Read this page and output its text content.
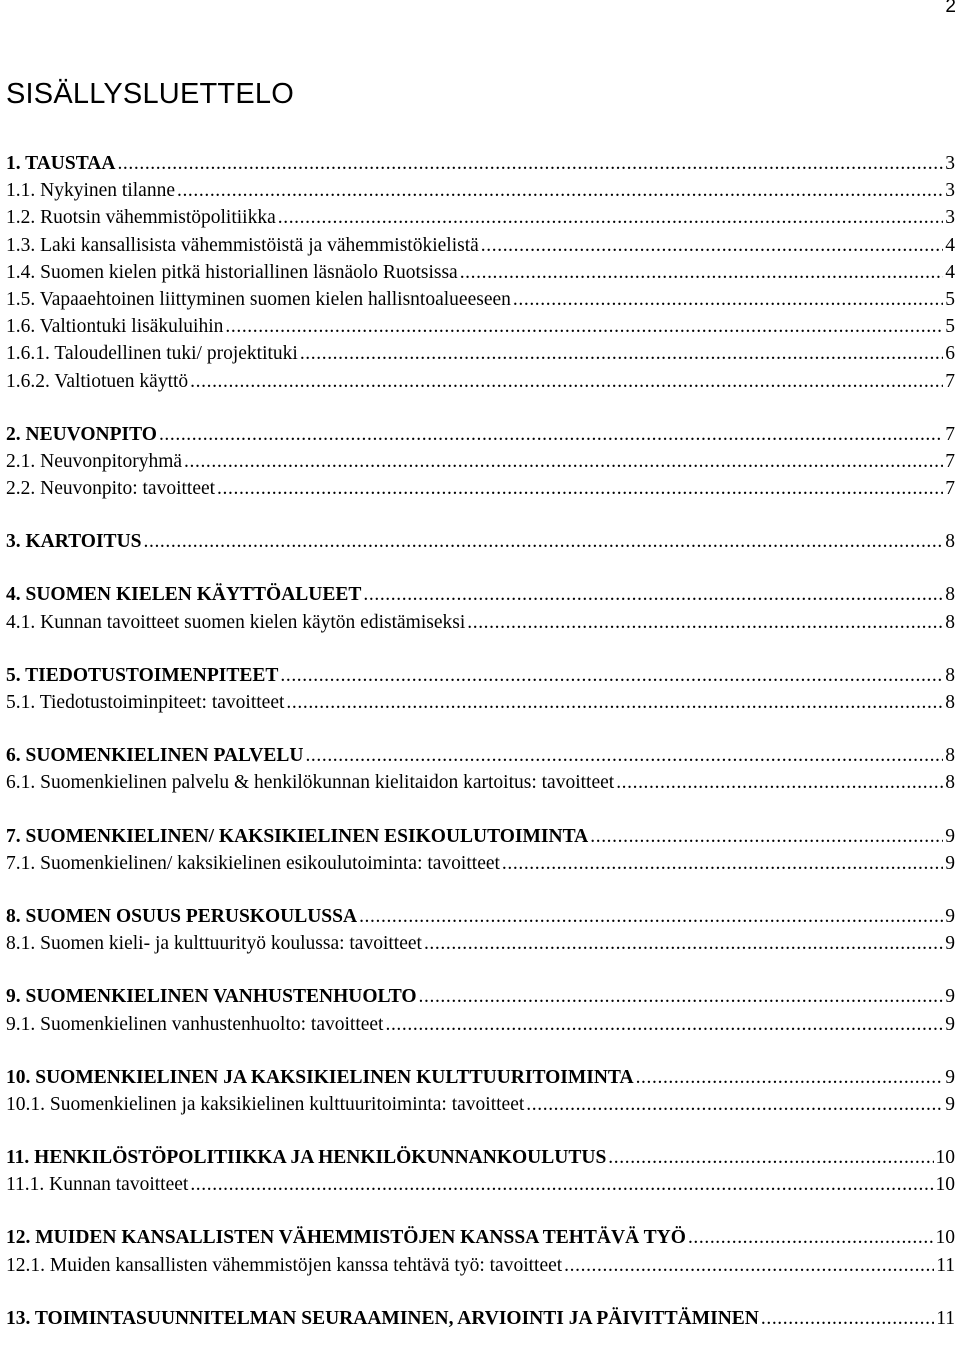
2
SISÄLLYSLUETTELO
1. TAUSTAA .....	3
1.1. Nykyinen tilanne .....	3
1.2. Ruotsin vähemmistöpolitiikka .....	3
1.3. Laki kansallisista vähemmistöistä ja vähemmistökielistä .....	4
1.4. Suomen kielen pitkä historiallinen läsnäolo Ruotsissa .....	4
1.5. Vapaaehtoinen liittyminen suomen kielen hallisntoalueeseen .....	5
1.6. Valtiontuki lisäkuluihin .....	5
1.6.1. Taloudellinen tuki/ projektituki .....	6
1.6.2. Valtiotuen käyttö .....	7
2. NEUVONPITO .....	7
2.1. Neuvonpitoryhmä .....	7
2.2. Neuvonpito: tavoitteet .....	7
3. KARTOITUS .....	8
4. SUOMEN KIELEN KÄYTTÖALUEET .....	8
4.1. Kunnan tavoitteet suomen kielen käytön edistämiseksi .....	8
5. TIEDOTUSTOIMENPITEET .....	8
5.1. Tiedotustoiminpiteet: tavoitteet .....	8
6. SUOMENKIELINEN PALVELU .....	8
6.1. Suomenkielinen palvelu & henkilökunnan kielitaidon kartoitus: tavoitteet .....	8
7. SUOMENKIELINEN/ KAKSIKIELINEN ESIKOULUTOIMINTA .....	9
7.1. Suomenkielinen/ kaksikielinen esikoulutoiminta: tavoitteet .....	9
8. SUOMEN OSUUS PERUSKOULUSSA .....	9
8.1. Suomen kieli- ja kulttuurityö koulussa: tavoitteet .....	9
9. SUOMENKIELINEN VANHUSTENHUOLTO .....	9
9.1. Suomenkielinen vanhustenhuolto: tavoitteet .....	9
10. SUOMENKIELINEN JA KAKSIKIELINEN KULTTUURITOIMINTA .....	9
10.1. Suomenkielinen ja kaksikielinen kulttuuritoiminta: tavoitteet .....	9
11. HENKILÖSTÖPOLITIIKKA JA HENKILÖKUNNANKOULUTUS .....	10
11.1. Kunnan tavoitteet .....	10
12. MUIDEN KANSALLISTEN VÄHEMMISTÖJEN KANSSA TEHTÄVÄ TYÖ .....	10
12.1. Muiden kansallisten vähemmistöjen kanssa tehtävä työ: tavoitteet .....	11
13. TOIMINTASUUNNITELMAN SEURAAMINEN, ARVIOINTI JA PÄIVITTÄMINEN .....	11
